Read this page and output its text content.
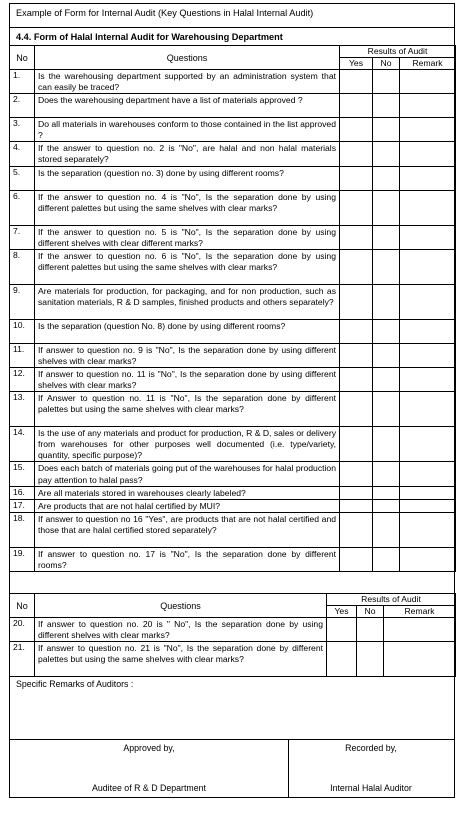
Example of Form for Internal Audit (Key Questions in Halal Internal Audit)
4.4. Form of Halal Internal Audit for Warehousing Department
No	Questions	Results of Audit		
		Yes	No	Remark
1.	Is the warehousing department supported by an administration system that can easily be traced?			
2.	Does the warehousing department have a list of materials approved ?			
3.	Do all materials in warehouses conform to those contained in the list approved ?			
4.	If the answer to question no. 2 is "No", are halal and non halal materials stored separately?			
5.	Is the separation (question no. 3) done by using different rooms?			
6.	If the answer to question no. 4 is "No", Is the separation done by using different palettes but using the same shelves with clear marks?			
7.	If the answer to question no. 5 is "No", Is the separation done by using different shelves with clear different marks?			
8.	If the answer to question no. 6 is "No", Is the separation done by using different palettes but using the same shelves with clear marks?			
9.	Are materials for production, for packaging, and for non production, such as sanitation materials, R & D samples, finished products and others separately?			
10.	Is the separation (question No. 8) done by using different rooms?			
11.	If answer to question no. 9 is "No", Is the separation done by using different shelves with clear marks?			
12.	If answer to question no. 11 is "No", Is the separation done by using different shelves with clear marks?			
13.	If Answer to question no. 11 is "No", Is the separation done by different palettes but using the same shelves with clear marks?			
14.	Is the use of any materials and product for production, R & D, sales or delivery from warehouses for other purposes well documented (i.e. type/variety, quantity, specific purpose)?			
15.	Does each batch of materials going put of the warehouses for halal production pay attention to halal pass?			
16.	Are all materials stored in warehouses clearly labeled?			
17.	Are products that are not halal certified by MUI?			
18.	If answer to question no 16 "Yes", are products that are not halal certified and those that are halal certified stored separately?			
19.	If answer to question no. 17 is "No", Is the separation done by different rooms?			
No	Questions	Results of Audit		
		Yes	No	Remark
20.	If answer to question no. 20 is " No", Is the separation done by using different shelves with clear marks?			
21.	If answer to question no. 21 is "No", Is the separation done by different palettes but using the same shelves with clear marks?			
Specific Remarks of Auditors :
Approved by,
Auditee of R & D Department
Recorded by,
Internal Halal Auditor
